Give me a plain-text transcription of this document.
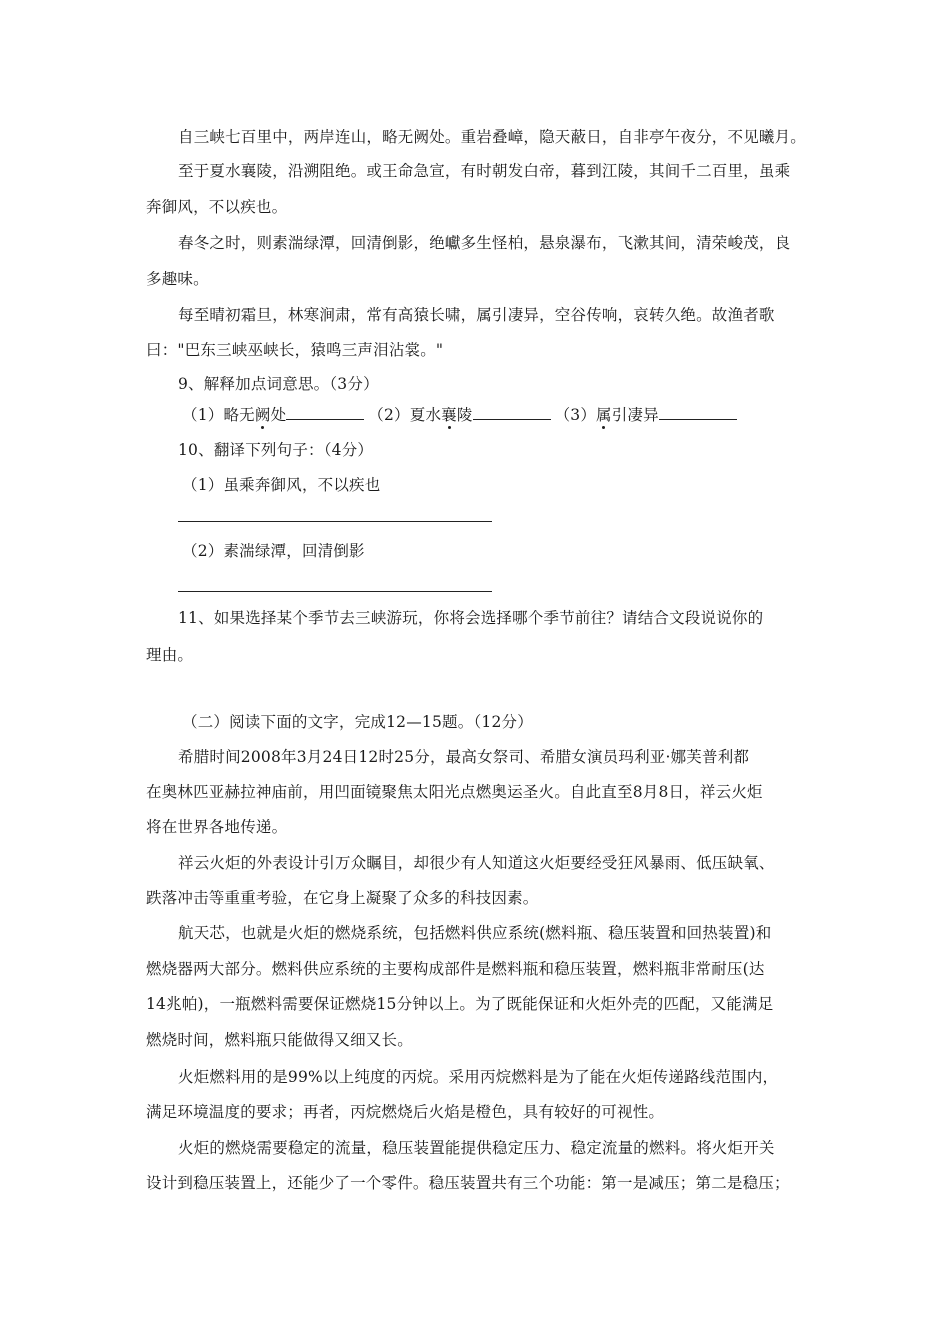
自三峡七百里中，两岸连山，略无阙处。重岩叠嶂，隐天蔽日，自非亭午夜分，不见曦月。
至于夏水襄陵，沿溯阻绝。或王命急宣，有时朝发白帝，暮到江陵，其间千二百里，虽乘
奔御风，不以疾也。
春冬之时，则素湍绿潭，回清倒影，绝巘多生怪柏，悬泉瀑布，飞漱其间，清荣峻茂，良
多趣味。
每至晴初霜旦，林寒涧肃，常有高猿长啸，属引凄异，空谷传响，哀转久绝。故渔者歌
曰："巴东三峡巫峡长，猿鸣三声泪沾裳。"
9、解释加点词意思。（3分）
（1）略无阙处	（2）夏水襄陵	（3）属引凄异
10、翻译下列句子：（4分）
（1）虽乘奔御风，不以疾也
（2）素湍绿潭，回清倒影
11、如果选择某个季节去三峡游玩，你将会选择哪个季节前往？请结合文段说说你的
理由。
（二）阅读下面的文字，完成12—15题。（12分）
希腊时间2008年3月24日12时25分，最高女祭司、希腊女演员玛利亚·娜芙普利都
在奥林匹亚赫拉神庙前，用凹面镜聚焦太阳光点燃奥运圣火。自此直至8月8日，祥云火炬
将在世界各地传递。
祥云火炬的外表设计引万众瞩目，却很少有人知道这火炬要经受狂风暴雨、低压缺氧、
跌落冲击等重重考验，在它身上凝聚了众多的科技因素。
航天芯，也就是火炬的燃烧系统，包括燃料供应系统(燃料瓶、稳压装置和回热装置)和
燃烧器两大部分。燃料供应系统的主要构成部件是燃料瓶和稳压装置，燃料瓶非常耐压(达
14兆帕)，一瓶燃料需要保证燃烧15分钟以上。为了既能保证和火炬外壳的匹配，又能满足
燃烧时间，燃料瓶只能做得又细又长。
火炬燃料用的是99%以上纯度的丙烷。采用丙烷燃料是为了能在火炬传递路线范围内，
满足环境温度的要求；再者，丙烷燃烧后火焰是橙色，具有较好的可视性。
火炬的燃烧需要稳定的流量，稳压装置能提供稳定压力、稳定流量的燃料。将火炬开关
设计到稳压装置上，还能少了一个零件。稳压装置共有三个功能：第一是减压；第二是稳压；
